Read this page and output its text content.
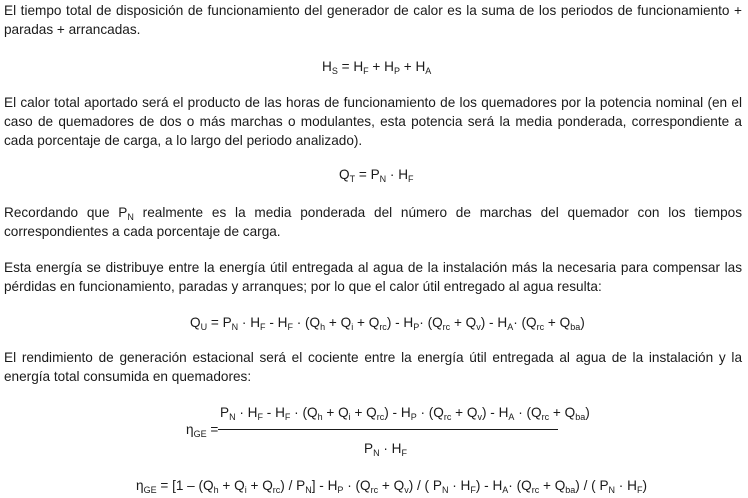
El tiempo total de disposición de funcionamiento del generador de calor es la suma de los periodos de funcionamiento + paradas + arrancadas.
$H_S = H_F + H_P + H_A$
El calor total aportado será el producto de las horas de funcionamiento de los quemadores por la potencia nominal (en el caso de quemadores de dos o más marchas o modulantes, esta potencia será la media ponderada, correspondiente a cada porcentaje de carga, a lo largo del periodo analizado).
$Q_T = P_N \cdot H_F$
Recordando que $P_N$ realmente es la media ponderada del número de marchas del quemador con los tiempos correspondientes a cada porcentaje de carga.
Esta energía se distribuye entre la energía útil entregada al agua de la instalación más la necesaria para compensar las pérdidas en funcionamiento, paradas y arranques; por lo que el calor útil entregado al agua resulta:
$Q_U = P_N \cdot H_F - H_F \cdot (Q_h + Q_i + Q_{rc}) - H_P\cdot (Q_{rc} + Q_v) - H_A\cdot (Q_{rc} + Q_{ba})$
El rendimiento de generación estacional será el cociente entre la energía útil entregada al agua de la instalación y la energía total consumida en quemadores:
$\eta_{GE}$ =
$P_N \cdot H_F - H_F \cdot (Q_h + Q_i + Q_{rc}) - H_P \cdot (Q_{rc} + Q_v) - H_A \cdot (Q_{rc} + Q_{ba})$
$P_N \cdot H_F$
$\eta_{GE} = [1 - (Q_h + Q_i + Q_{rc}) / P_N] - H_P \cdot (Q_{rc} + Q_v)$ / ( $P_N \cdot H_F) - H_A\cdot (Q_{rc} + Q_{ba})$ / ( $P_N \cdot H_F$)
